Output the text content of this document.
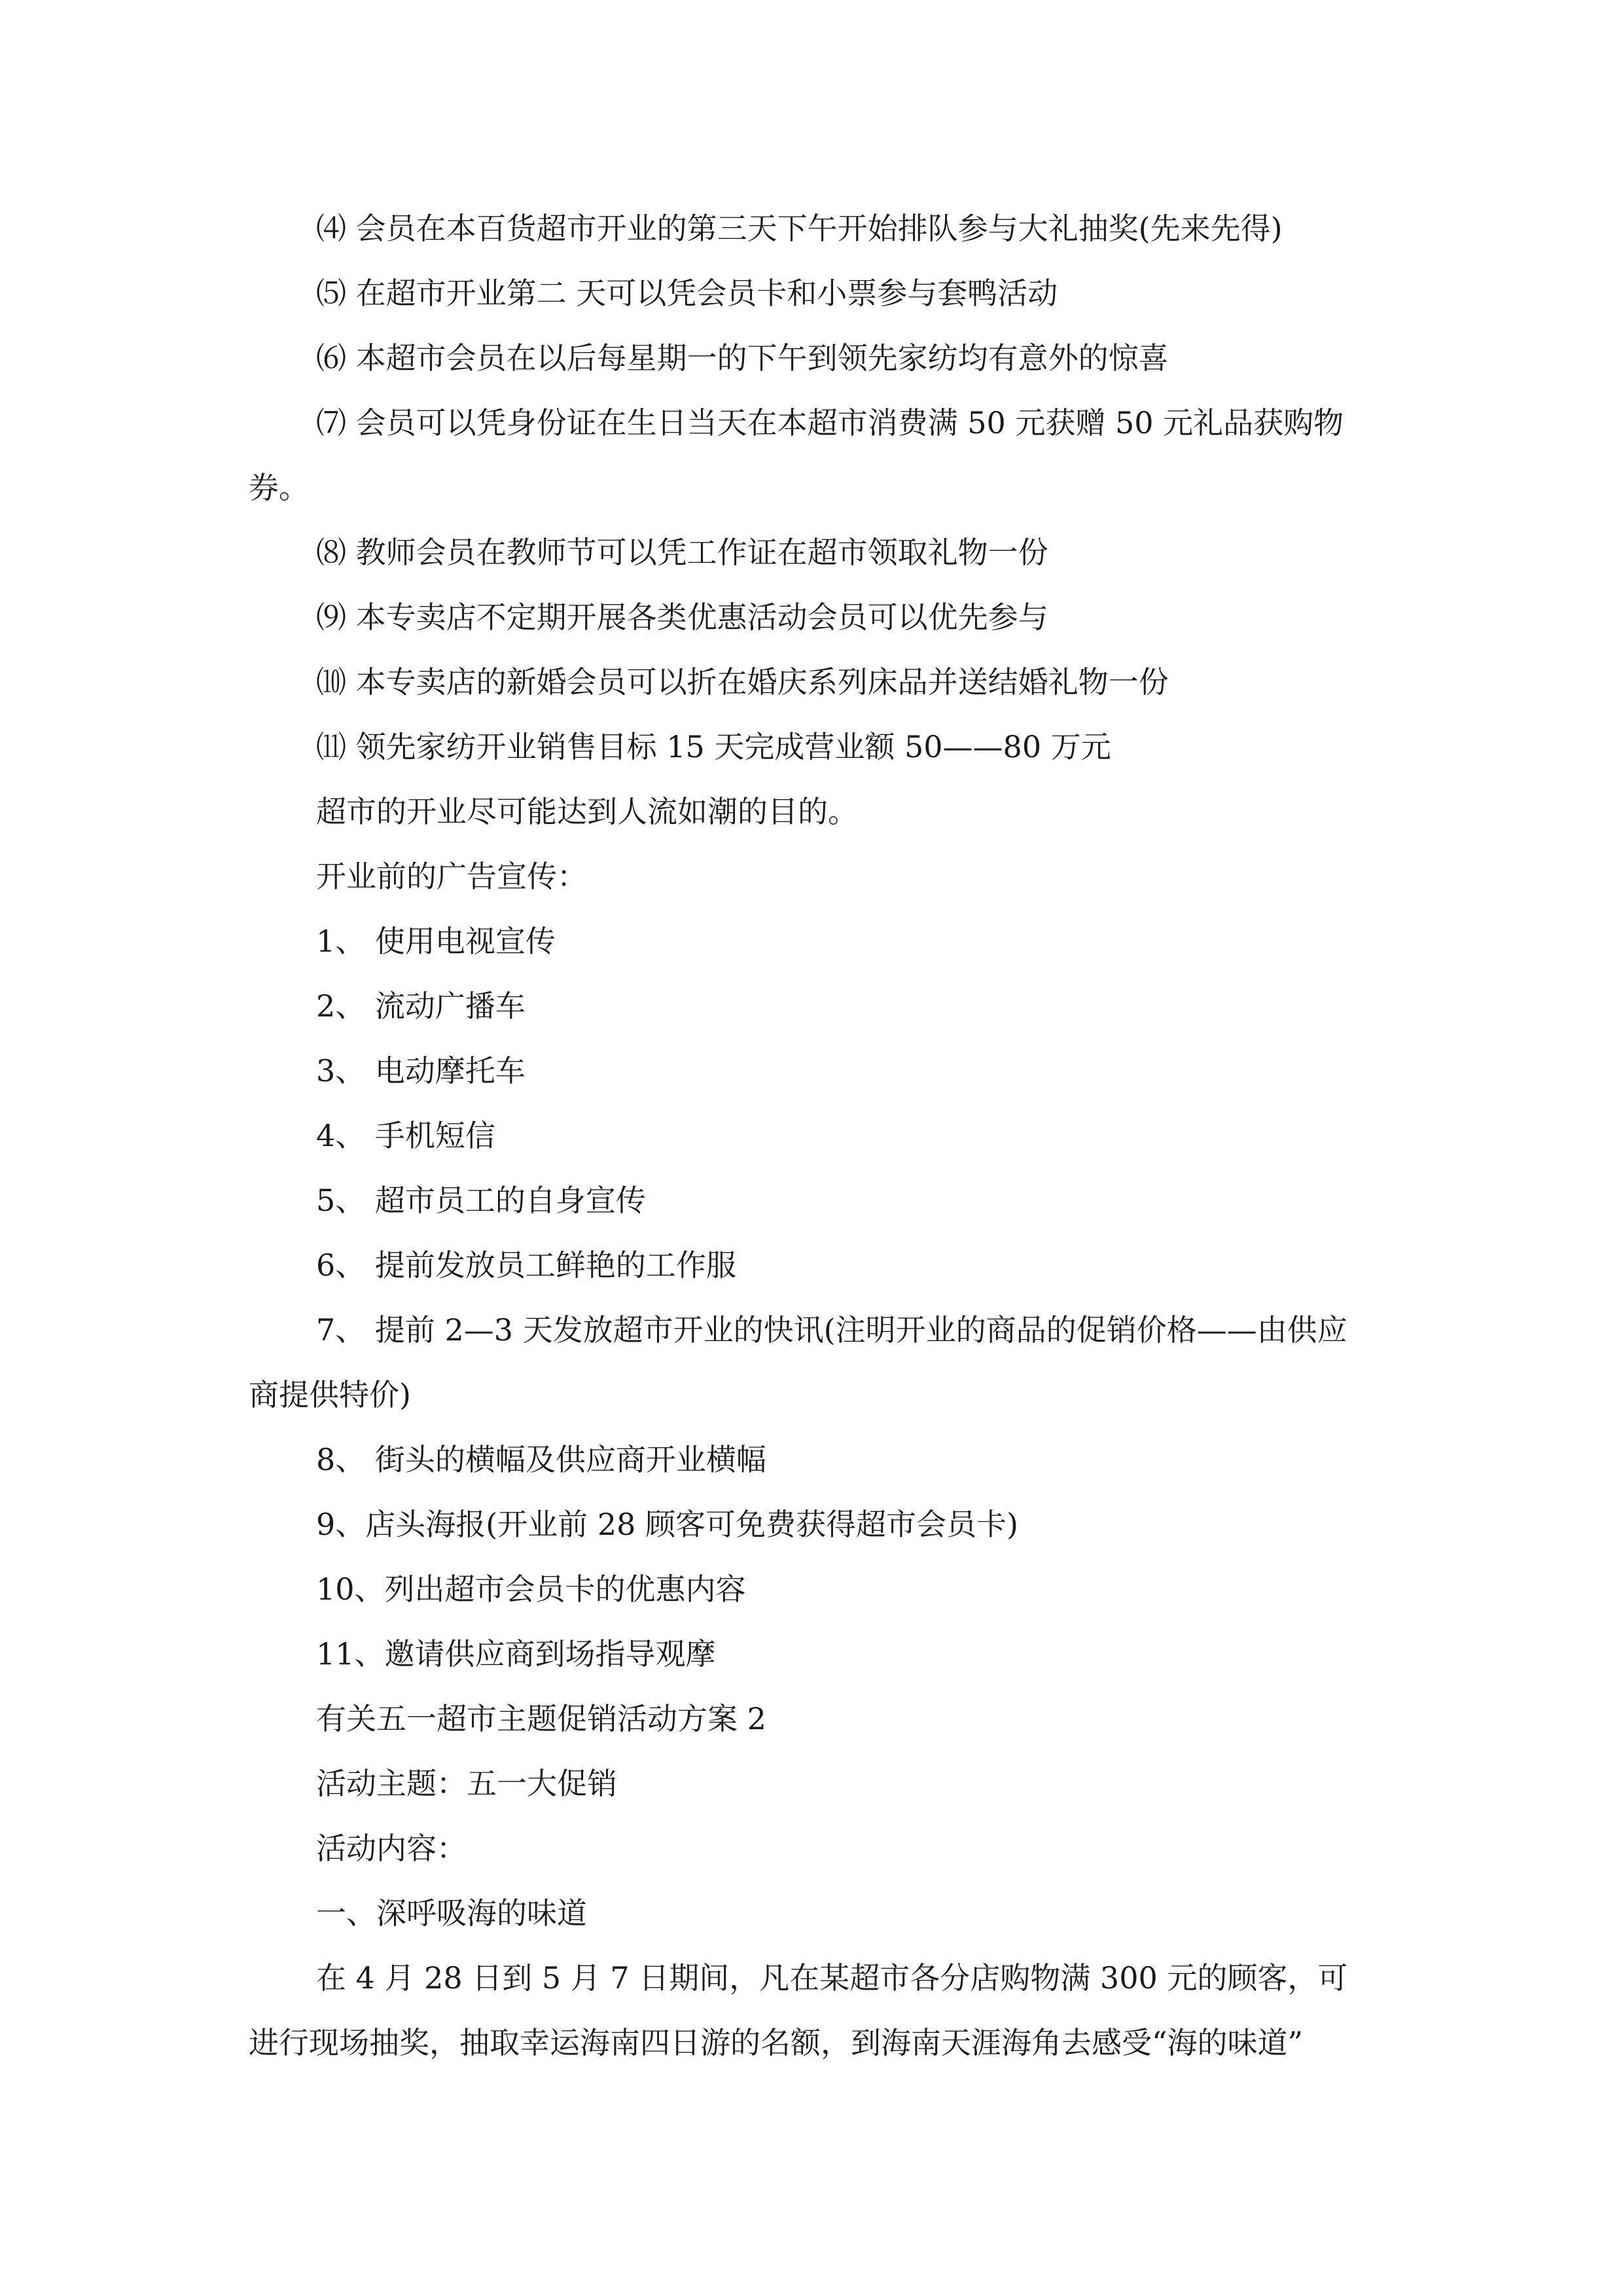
⑷ 会员在本百货超市开业的第三天下午开始排队参与大礼抽奖(先来先得)

⑸ 在超市开业第二 天可以凭会员卡和小票参与套鸭活动

⑹ 本超市会员在以后每星期一的下午到领先家纺均有意外的惊喜

⑺ 会员可以凭身份证在生日当天在本超市消费满 50 元获赠 50 元礼品获购物券。

⑻ 教师会员在教师节可以凭工作证在超市领取礼物一份

⑼ 本专卖店不定期开展各类优惠活动会员可以优先参与

⑽ 本专卖店的新婚会员可以折在婚庆系列床品并送结婚礼物一份

⑾ 领先家纺开业销售目标 15 天完成营业额 50——80 万元

超市的开业尽可能达到人流如潮的目的。

开业前的广告宣传：

1、 使用电视宣传

2、 流动广播车

3、 电动摩托车

4、 手机短信

5、 超市员工的自身宣传

6、 提前发放员工鲜艳的工作服

7、 提前 2—3 天发放超市开业的快讯(注明开业的商品的促销价格——由供应商提供特价)

8、 街头的横幅及供应商开业横幅

9、店头海报(开业前 28 顾客可免费获得超市会员卡)

10、列出超市会员卡的优惠内容

11、邀请供应商到场指导观摩

有关五一超市主题促销活动方案 2

活动主题：五一大促销

活动内容：

一、深呼吸海的味道

在 4 月 28 日到 5 月 7 日期间，凡在某超市各分店购物满 300 元的顾客，可进行现场抽奖，抽取幸运海南四日游的名额，到海南天涯海角去感受“海的味道”
